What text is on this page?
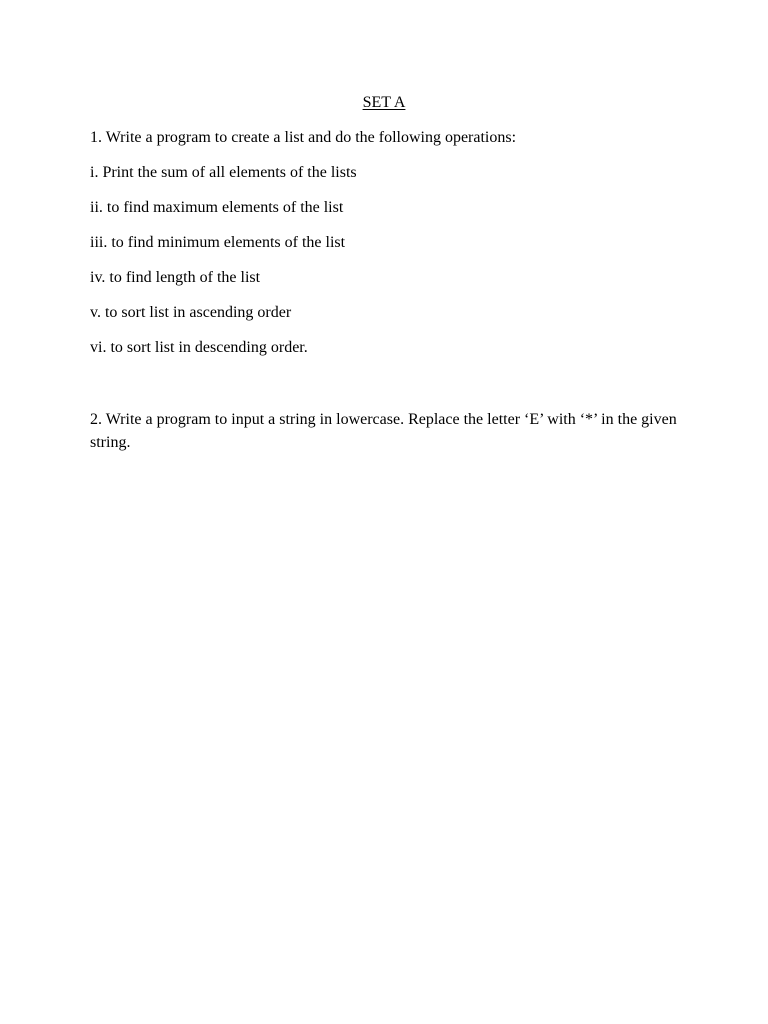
SET A
1. Write a program to create a list and do the following operations:
i. Print the sum of all elements of the lists
ii. to find maximum elements of the list
iii. to find minimum elements of the list
iv. to find length of the list
v. to sort list in ascending order
vi. to sort list in descending order.
2. Write a program to input a string in lowercase. Replace the letter ‘E’ with ‘*’ in the given string.
